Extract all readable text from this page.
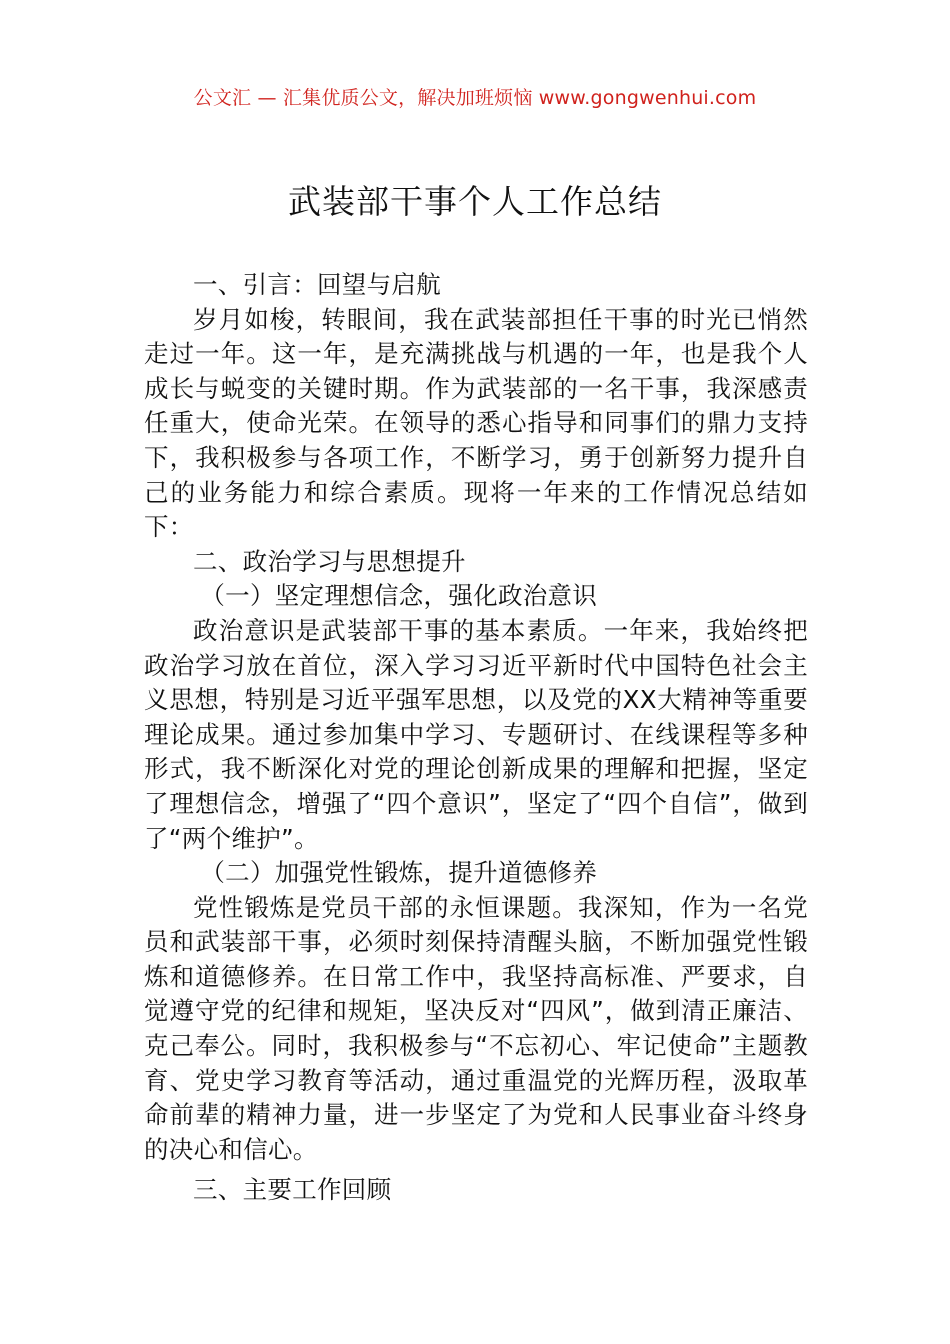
公文汇 — 汇集优质公文，解决加班烦恼 www.gongwenhui.com
武装部干事个人工作总结

一、引言：回望与启航

岁月如梭，转眼间，我在武装部担任干事的时光已悄然走过一年。这一年，是充满挑战与机遇的一年，也是我个人成长与蜕变的关键时期。作为武装部的一名干事，我深感责任重大，使命光荣。在领导的悉心指导和同事们的鼎力支持下，我积极参与各项工作，不断学习，勇于创新努力提升自己的业务能力和综合素质。现将一年来的工作情况总结如下：

二、政治学习与思想提升

（一）坚定理想信念，强化政治意识

政治意识是武装部干事的基本素质。一年来，我始终把政治学习放在首位，深入学习习近平新时代中国特色社会主义思想，特别是习近平强军思想，以及党的XX大精神等重要理论成果。通过参加集中学习、专题研讨、在线课程等多种形式，我不断深化对党的理论创新成果的理解和把握，坚定了理想信念，增强了“四个意识”，坚定了“四个自信”，做到了“两个维护”。

（二）加强党性锻炼，提升道德修养

党性锻炼是党员干部的永恒课题。我深知，作为一名党员和武装部干事，必须时刻保持清醒头脑，不断加强党性锻炼和道德修养。在日常工作中，我坚持高标准、严要求，自觉遵守党的纪律和规矩，坚决反对“四风”，做到清正廉洁、克己奉公。同时，我积极参与“不忘初心、牢记使命”主题教育、党史学习教育等活动，通过重温党的光辉历程，汲取革命前辈的精神力量，进一步坚定了为党和人民事业奋斗终身的决心和信心。

三、主要工作回顾
